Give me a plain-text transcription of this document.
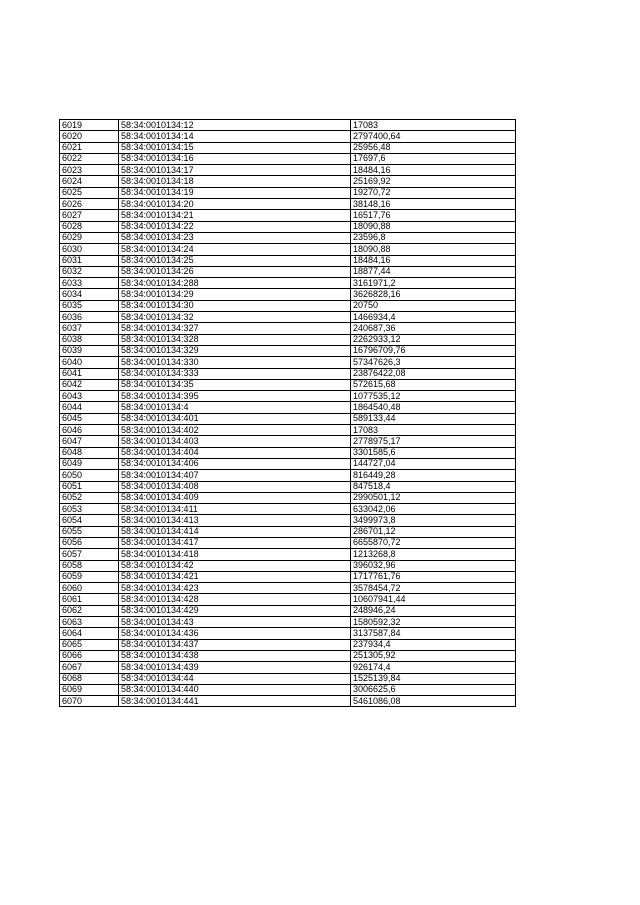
6019	58:34:0010134:12	17083
6020	58:34:0010134:14	2797400,64
6021	58:34:0010134:15	25956,48
6022	58:34:0010134:16	17697,6
6023	58:34:0010134:17	18484,16
6024	58:34:0010134:18	25169,92
6025	58:34:0010134:19	19270,72
6026	58:34:0010134:20	38148,16
6027	58:34:0010134:21	16517,76
6028	58:34:0010134:22	18090,88
6029	58:34:0010134:23	23596,8
6030	58:34:0010134:24	18090,88
6031	58:34:0010134:25	18484,16
6032	58:34:0010134:26	18877,44
6033	58:34:0010134:288	3161971,2
6034	58:34:0010134:29	3626828,16
6035	58:34:0010134:30	20750
6036	58:34:0010134:32	1466934,4
6037	58:34:0010134:327	240687,36
6038	58:34:0010134:328	2262933,12
6039	58:34:0010134:329	16796709,76
6040	58:34:0010134:330	57347626,3
6041	58:34:0010134:333	23876422,08
6042	58:34:0010134:35	572615,68
6043	58:34:0010134:395	1077535,12
6044	58:34:0010134:4	1864540,48
6045	58:34:0010134:401	589133,44
6046	58:34:0010134:402	17083
6047	58:34:0010134:403	2778975,17
6048	58:34:0010134:404	3301585,6
6049	58:34:0010134:406	144727,04
6050	58:34:0010134:407	816449,28
6051	58:34:0010134:408	847518,4
6052	58:34:0010134:409	2990501,12
6053	58:34:0010134:411	633042,06
6054	58:34:0010134:413	3499973,8
6055	58:34:0010134:414	286701,12
6056	58:34:0010134:417	6655870,72
6057	58:34:0010134:418	1213268,8
6058	58:34:0010134:42	396032,96
6059	58:34:0010134:421	1717761,76
6060	58:34:0010134:423	3578454,72
6061	58:34:0010134:428	10607941,44
6062	58:34:0010134:429	248946,24
6063	58:34:0010134:43	1580592,32
6064	58:34:0010134:436	3137587,84
6065	58:34:0010134:437	237934,4
6066	58:34:0010134:438	251305,92
6067	58:34:0010134:439	926174,4
6068	58:34:0010134:44	1525139,84
6069	58:34:0010134:440	3006625,6
6070	58:34:0010134:441	5461086,08
